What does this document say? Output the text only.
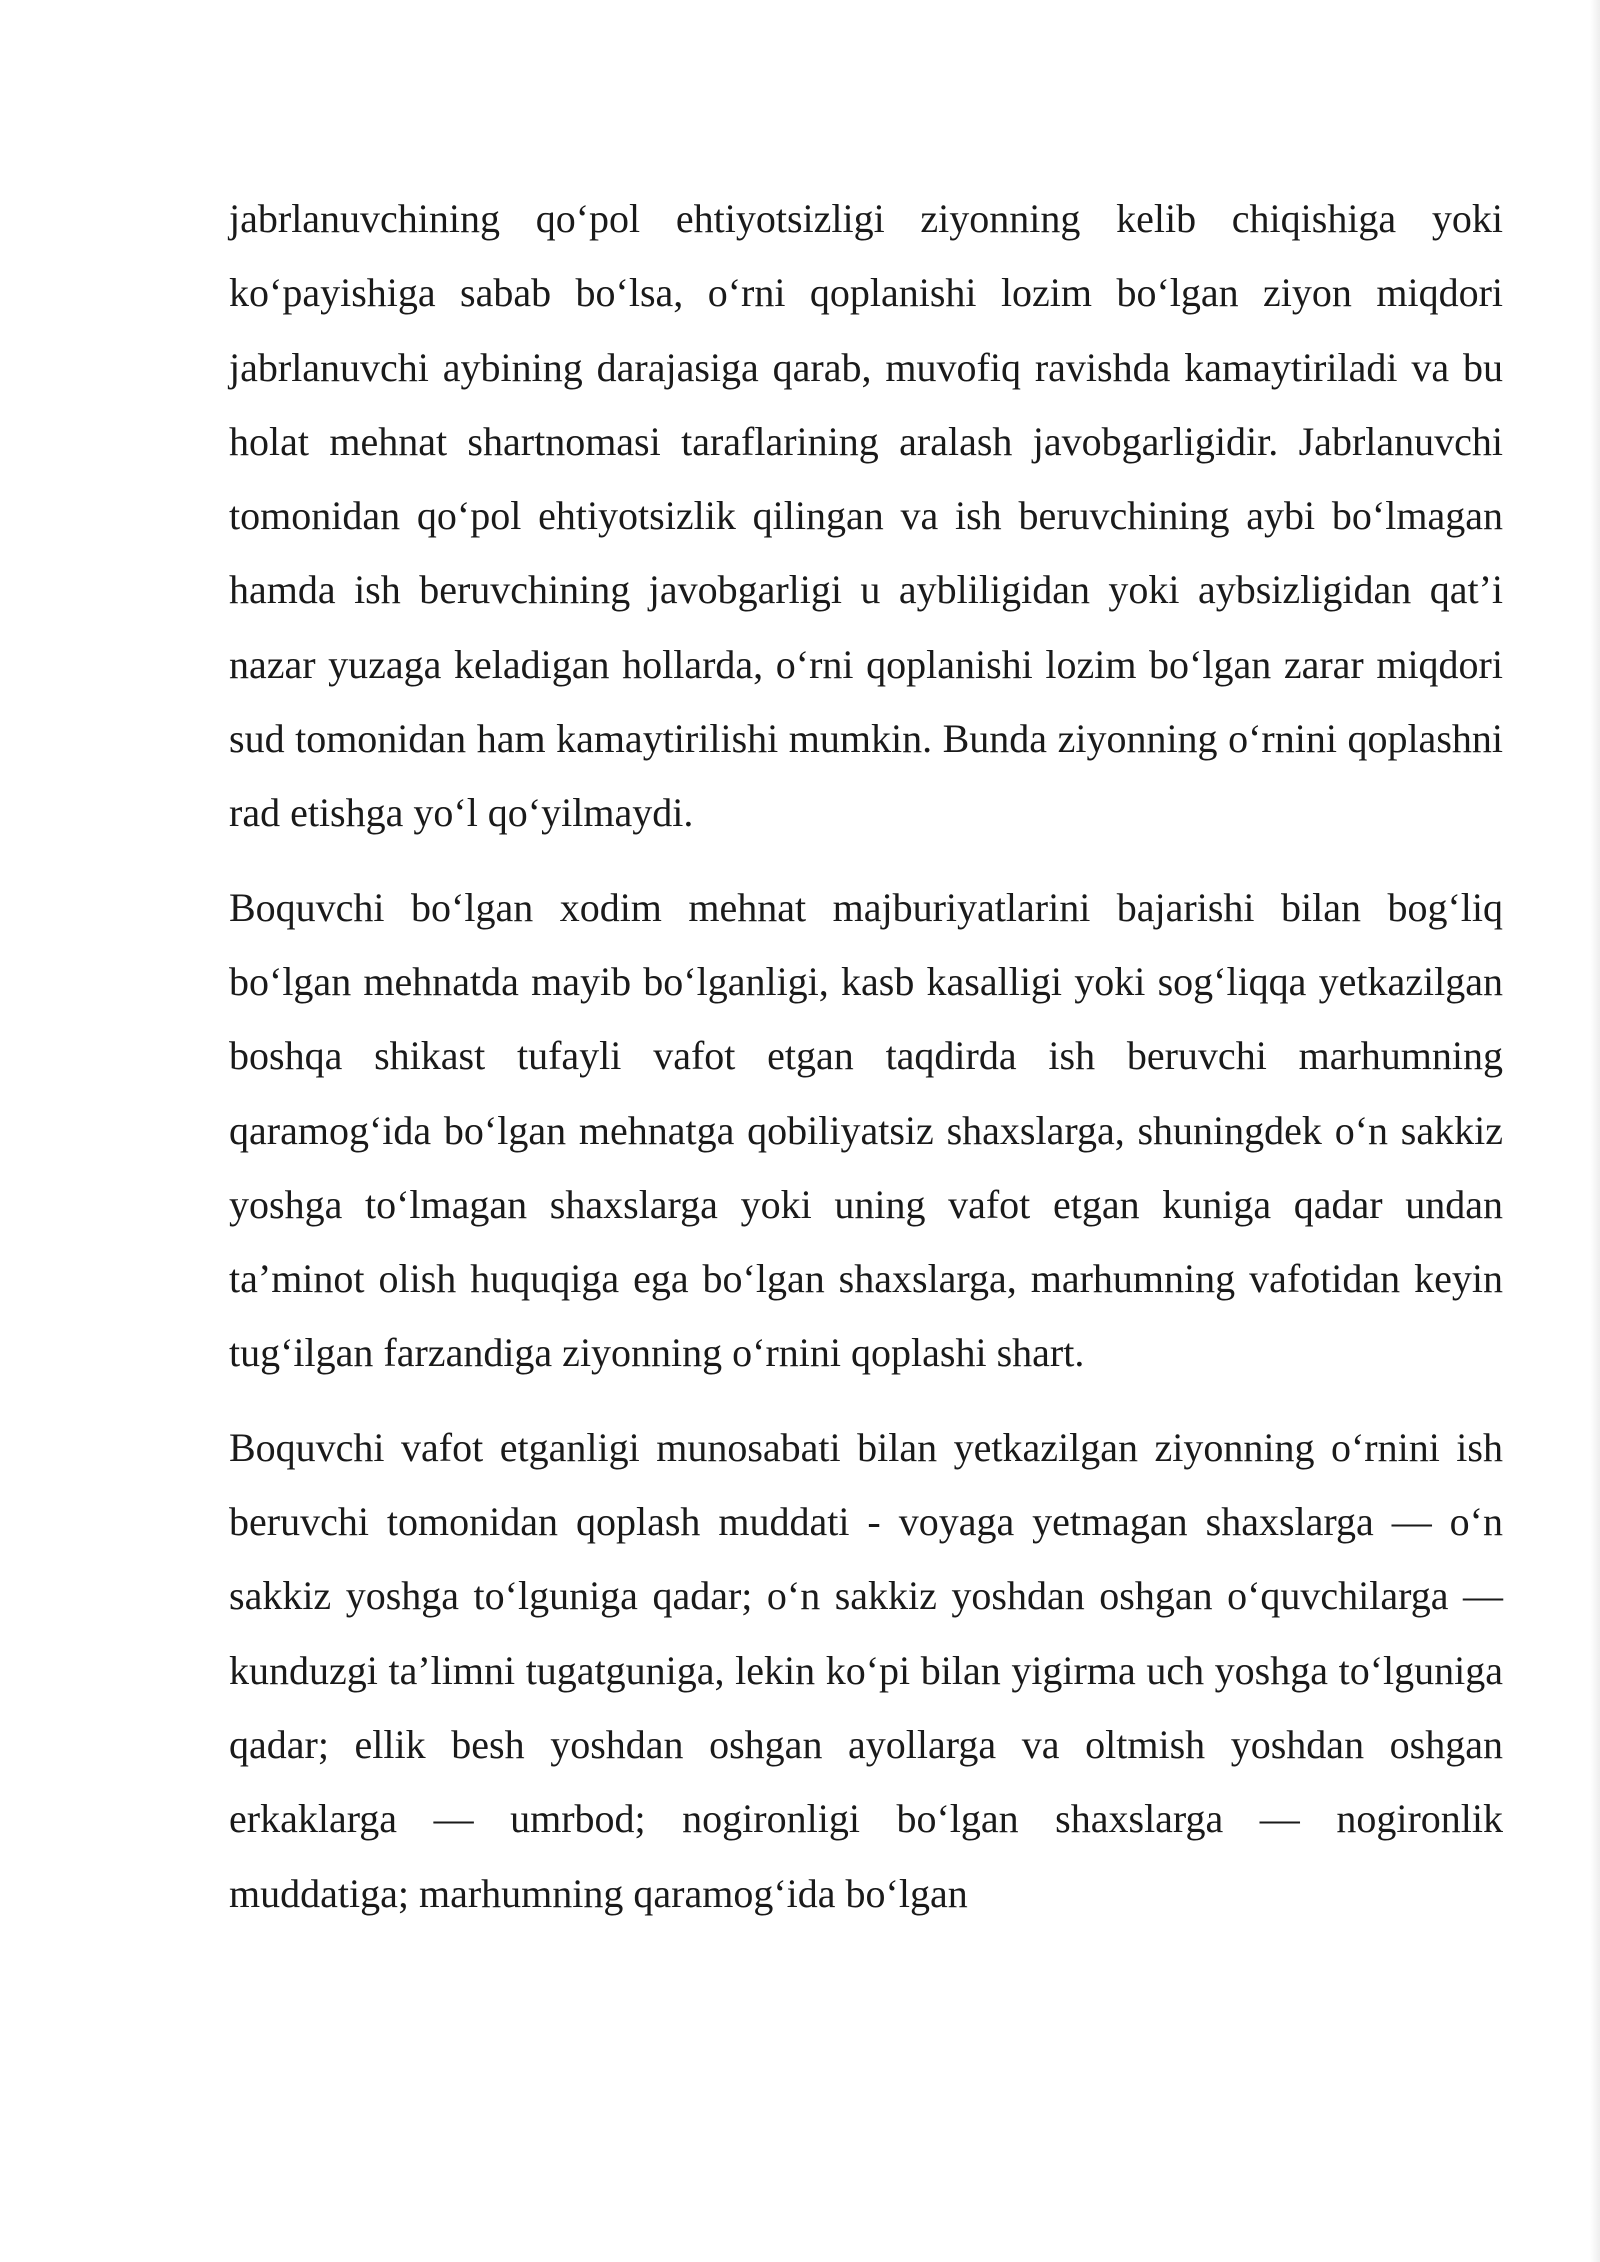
jabrlanuvchining qo‘pol ehtiyotsizligi ziyonning kelib chiqishiga yoki ko‘payishiga sabab bo‘lsa, o‘rni qoplanishi lozim bo‘lgan ziyon miqdori jabrlanuvchi aybining darajasiga qarab, muvofiq ravishda kamaytiriladi va bu holat mehnat shartnomasi taraflarining aralash javobgarligidir. Jabrlanuvchi tomonidan qo‘pol ehtiyotsizlik qilingan va ish beruvchining aybi bo‘lmagan hamda ish beruvchining javobgarligi u aybliligidan yoki aybsizligidan qat’i nazar yuzaga keladigan hollarda, o‘rni qoplanishi lozim bo‘lgan zarar miqdori sud tomonidan ham kamaytirilishi mumkin. Bunda ziyonning o‘rnini qoplashni rad etishga yo‘l qo‘yilmaydi.

Boquvchi bo‘lgan xodim mehnat majburiyatlarini bajarishi bilan bog‘liq bo‘lgan mehnatda mayib bo‘lganligi, kasb kasalligi yoki sog‘liqqa yetkazilgan boshqa shikast tufayli vafot etgan taqdirda ish beruvchi marhumning qaramog‘ida bo‘lgan mehnatga qobiliyatsiz shaxslarga, shuningdek o‘n sakkiz yoshga to‘lmagan shaxslarga yoki uning vafot etgan kuniga qadar undan ta’minot olish huquqiga ega bo‘lgan shaxslarga, marhumning vafotidan keyin tug‘ilgan farzandiga ziyonning o‘rnini qoplashi shart.

Boquvchi vafot etganligi munosabati bilan yetkazilgan ziyonning o‘rnini ish beruvchi tomonidan qoplash muddati - voyaga yetmagan shaxslarga — o‘n sakkiz yoshga to‘lguniga qadar; o‘n sakkiz yoshdan oshgan o‘quvchilarga — kunduzgi ta’limni tugatguniga, lekin ko‘pi bilan yigirma uch yoshga to‘lguniga qadar; ellik besh yoshdan oshgan ayollarga va oltmish yoshdan oshgan erkaklarga — umrbod; nogironligi bo‘lgan shaxslarga — nogironlik muddatiga; marhumning qaramog‘ida bo‘lgan
